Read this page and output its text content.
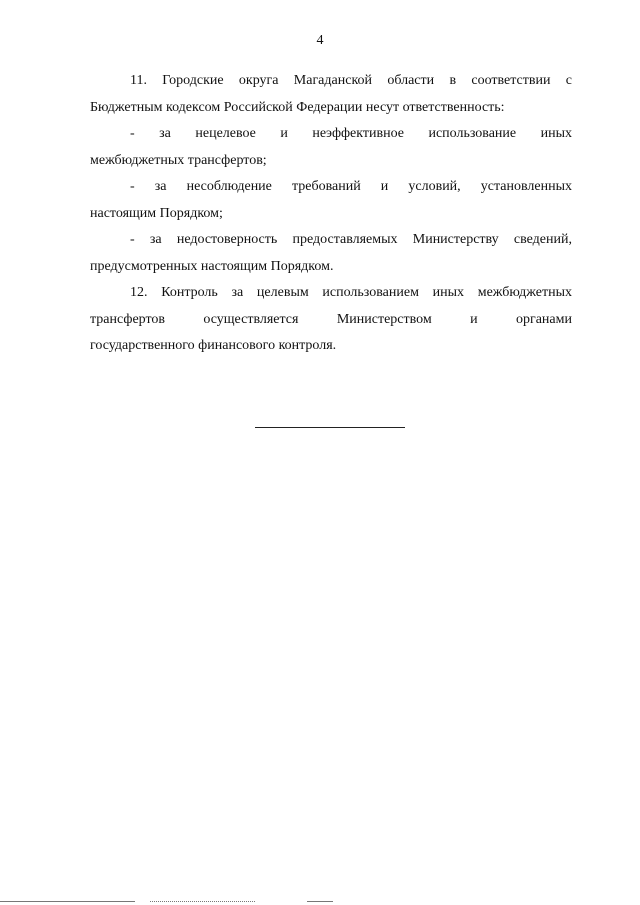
4

11. Городские округа Магаданской области в соответствии с
Бюджетным кодексом Российской Федерации несут ответственность:

- за нецелевое и неэффективное использование иных
межбюджетных трансфертов;

- за несоблюдение требований и условий, установленных
настоящим Порядком;

- за недостоверность предоставляемых Министерству сведений,
предусмотренных настоящим Порядком.

12. Контроль за целевым использованием иных межбюджетных
трансфертов осуществляется Министерством и органами
государственного финансового контроля.
